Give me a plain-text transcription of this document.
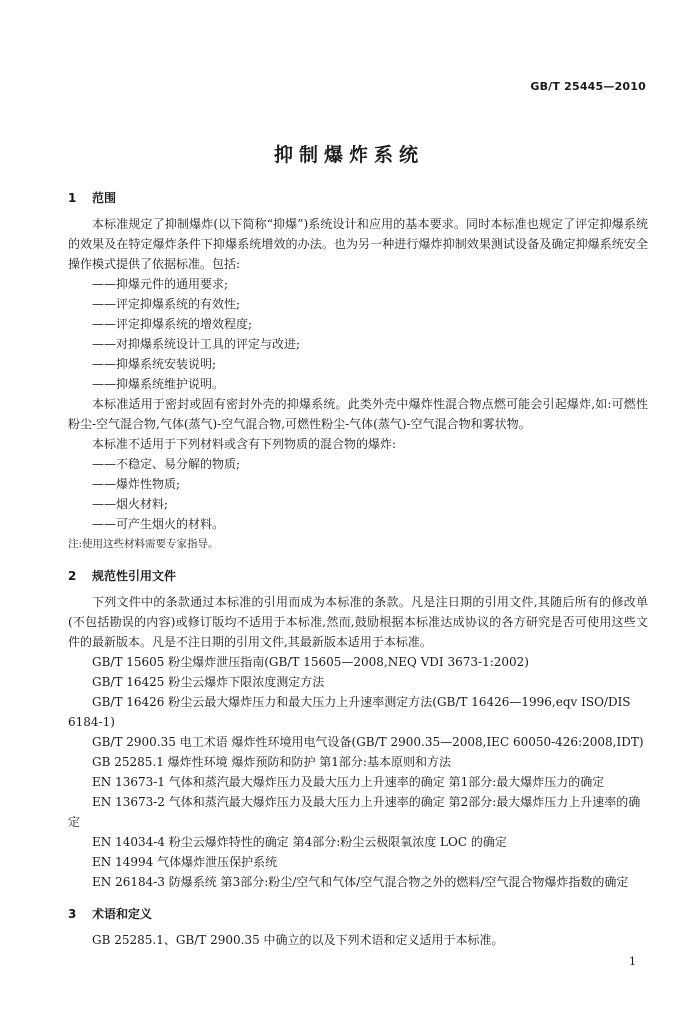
GB/T 25445—2010
抑制爆炸系统
1 范围

本标准规定了抑制爆炸(以下简称“抑爆”)系统设计和应用的基本要求。同时本标准也规定了评定抑爆系统的效果及在特定爆炸条件下抑爆系统增效的办法。也为另一种进行爆炸抑制效果测试设备及确定抑爆系统安全操作模式提供了依据标准。包括:

——抑爆元件的通用要求;

——评定抑爆系统的有效性;

——评定抑爆系统的增效程度;

——对抑爆系统设计工具的评定与改进;

——抑爆系统安装说明;

——抑爆系统维护说明。

本标准适用于密封或固有密封外壳的抑爆系统。此类外壳中爆炸性混合物点燃可能会引起爆炸,如:可燃性粉尘-空气混合物,气体(蒸气)-空气混合物,可燃性粉尘-气体(蒸气)-空气混合物和雾状物。

本标准不适用于下列材料或含有下列物质的混合物的爆炸:

——不稳定、易分解的物质;

——爆炸性物质;

——烟火材料;

——可产生烟火的材料。

注:使用这些材料需要专家指导。

2 规范性引用文件

下列文件中的条款通过本标准的引用而成为本标准的条款。凡是注日期的引用文件,其随后所有的修改单(不包括勘误的内容)或修订版均不适用于本标准,然而,鼓励根据本标准达成协议的各方研究是否可使用这些文件的最新版本。凡是不注日期的引用文件,其最新版本适用于本标准。

GB/T 15605 粉尘爆炸泄压指南(GB/T 15605—2008,NEQ VDI 3673-1:2002)

GB/T 16425 粉尘云爆炸下限浓度测定方法

GB/T 16426 粉尘云最大爆炸压力和最大压力上升速率测定方法(GB/T 16426—1996,eqv ISO/DIS 6184-1)

GB/T 2900.35 电工术语 爆炸性环境用电气设备(GB/T 2900.35—2008,IEC 60050-426:2008,IDT)

GB 25285.1 爆炸性环境 爆炸预防和防护 第1部分:基本原则和方法

EN 13673-1 气体和蒸汽最大爆炸压力及最大压力上升速率的确定 第1部分:最大爆炸压力的确定

EN 13673-2 气体和蒸汽最大爆炸压力及最大压力上升速率的确定 第2部分:最大爆炸压力上升速率的确定

EN 14034-4 粉尘云爆炸特性的确定 第4部分:粉尘云极限氧浓度 LOC 的确定

EN 14994 气体爆炸泄压保护系统

EN 26184-3 防爆系统 第3部分:粉尘/空气和气体/空气混合物之外的燃料/空气混合物爆炸指数的确定

3 术语和定义

GB 25285.1、GB/T 2900.35 中确立的以及下列术语和定义适用于本标准。

1
